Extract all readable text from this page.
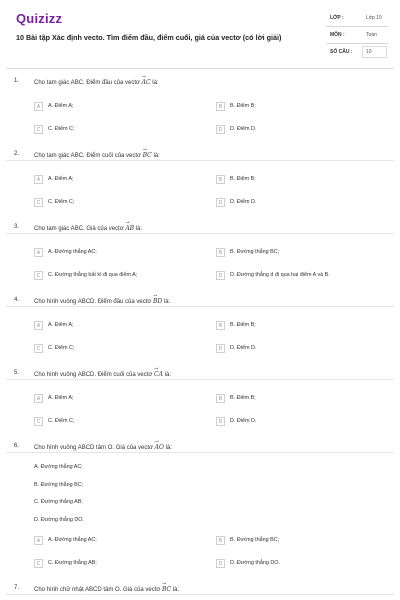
Quizizz
10 Bài tập Xác định vecto. Tìm điểm đầu, điểm cuối, giá của vectơ (có lời giải)
LỚP :	Lớp 10
MÔN :	Toán
SỐ CÂU :	10
1. Cho tam giác ABC. Điểm đầu của vectơ → AC là:
A	A. Điểm A;	B	B. Điểm B;
C	C. Điểm C;	D	D. Điểm D.
2. Cho tam giác ABC. Điểm cuối của vectơ → BC là:
A	A. Điểm A;	B	B. Điểm B;
C	C. Điểm C;	D	D. Điểm D.
3. Cho tam giác ABC. Giá của vectơ → AB là:
A	A. Đường thẳng AC;	B	B. Đường thẳng BC;
C	C. Đường thẳng bất kì đi qua điểm A;	D	D. Đường thẳng d đi qua hai điểm A và B.
4. Cho hình vuông ABCD. Điểm đầu của vectơ → BD là:
A	A. Điểm A;	B	B. Điểm B;
C	C. Điểm C;	D	D. Điểm D.
5. Cho hình vuông ABCD. Điểm cuối của vectơ → CA là:
A	A. Điểm A;	B	B. Điểm B;
C	C. Điểm C;	D	D. Điểm D.
6. Cho hình vuông ABCD tâm O. Giá của vectơ → AO là:
A. Đường thẳng AC;
B. Đường thẳng BC;
C. Đường thẳng AB;
D. Đường thẳng DO.
A	A. Đường thẳng AC;	B	B. Đường thẳng BC;
C	C. Đường thẳng AB;	D	D. Đường thẳng DO.
7. Cho hình chữ nhật ABCD tâm O. Giá của vectơ → BC là:
